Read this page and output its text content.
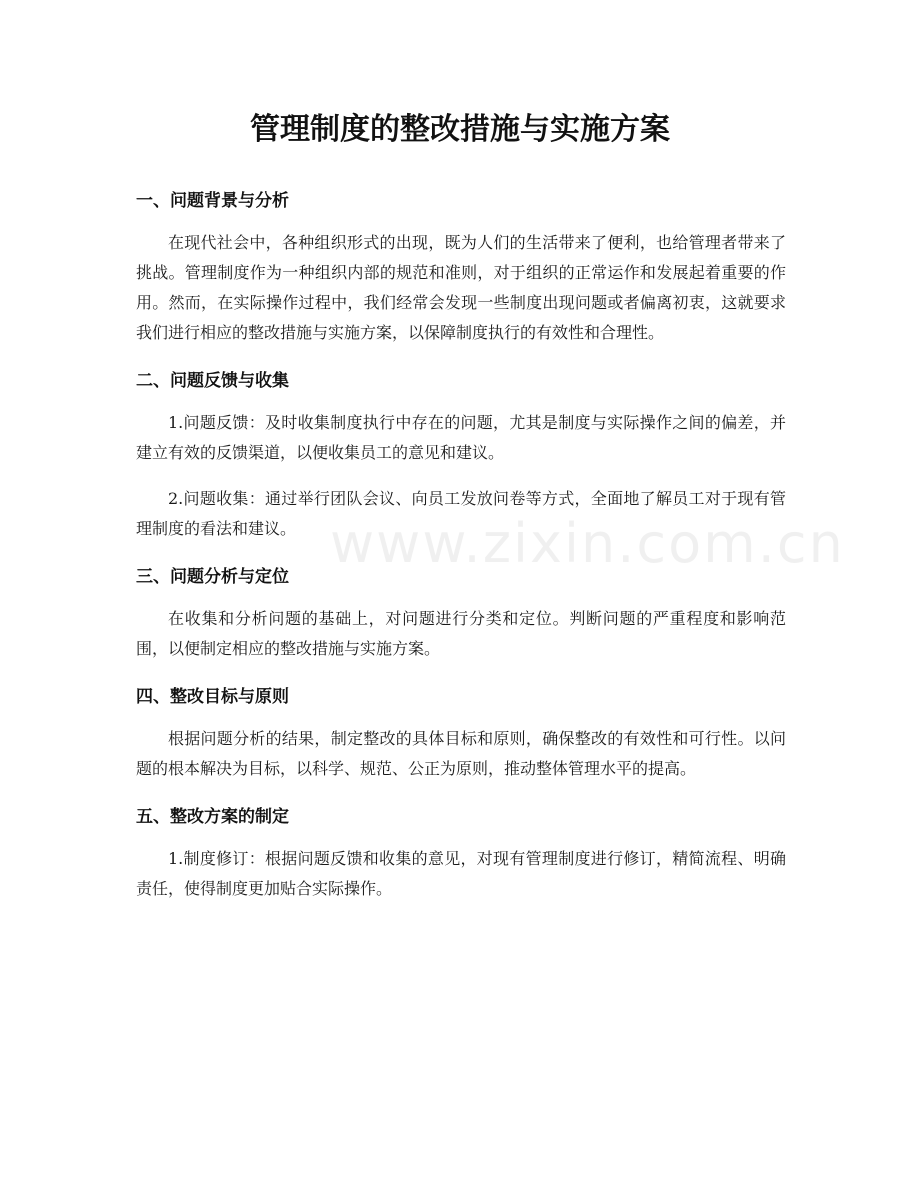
管理制度的整改措施与实施方案
一、问题背景与分析

在现代社会中，各种组织形式的出现，既为人们的生活带来了便利，也给管理者带来了挑战。管理制度作为一种组织内部的规范和准则，对于组织的正常运作和发展起着重要的作用。然而，在实际操作过程中，我们经常会发现一些制度出现问题或者偏离初衷，这就要求我们进行相应的整改措施与实施方案，以保障制度执行的有效性和合理性。

二、问题反馈与收集

1.问题反馈：及时收集制度执行中存在的问题，尤其是制度与实际操作之间的偏差，并建立有效的反馈渠道，以便收集员工的意见和建议。

2.问题收集：通过举行团队会议、向员工发放问卷等方式，全面地了解员工对于现有管理制度的看法和建议。

三、问题分析与定位

在收集和分析问题的基础上，对问题进行分类和定位。判断问题的严重程度和影响范围，以便制定相应的整改措施与实施方案。

四、整改目标与原则

根据问题分析的结果，制定整改的具体目标和原则，确保整改的有效性和可行性。以问题的根本解决为目标，以科学、规范、公正为原则，推动整体管理水平的提高。

五、整改方案的制定

1.制度修订：根据问题反馈和收集的意见，对现有管理制度进行修订，精简流程、明确责任，使得制度更加贴合实际操作。

www.zixin.com.cn
